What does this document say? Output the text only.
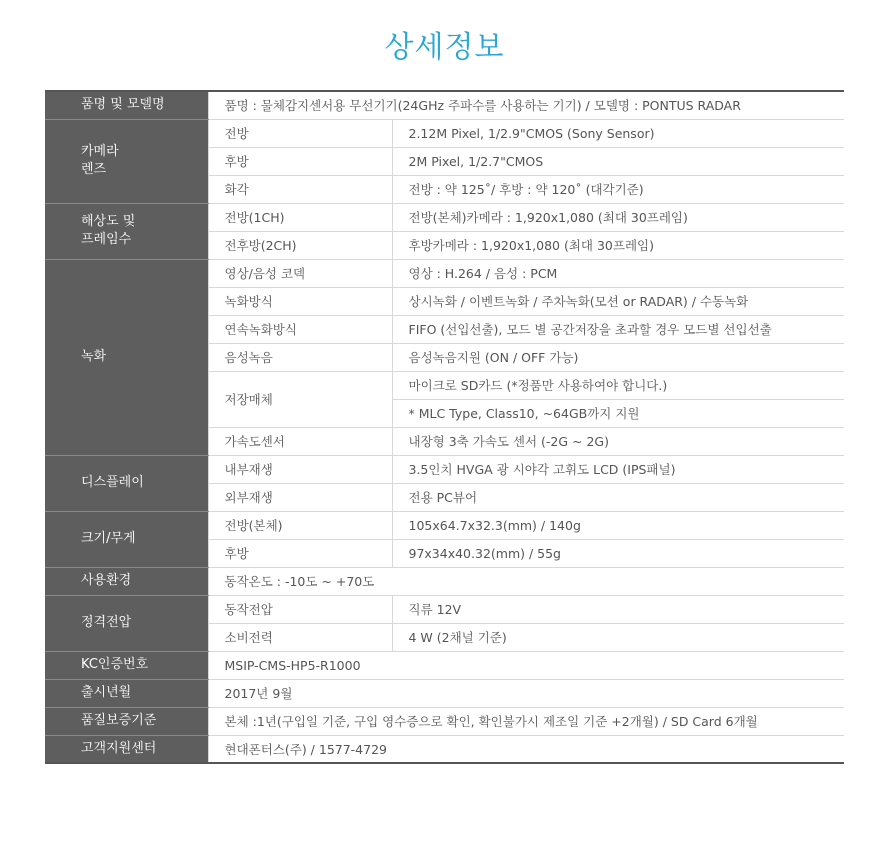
상세정보
품명 및 모델명	품명 : 물체감지센서용 무선기기(24GHz 주파수를 사용하는 기기) / 모델명 : PONTUS RADAR	

카메라
렌즈	전방	2.12M Pixel, 1/2.9"CMOS (Sony Sensor)
	후방	2M Pixel, 1/2.7"CMOS
	화각	전방 : 약 125˚/ 후방 : 약 120˚ (대각기준)

해상도 및
프레임수	전방(1CH)	전방(본체)카메라 : 1,920x1,080 (최대 30프레임)
	전후방(2CH)	후방카메라 : 1,920x1,080 (최대 30프레임)
녹화	영상/음성 코덱	영상 : H.264 / 음성 : PCM
	녹화방식	상시녹화 / 이벤트녹화 / 주차녹화(모션 or RADAR) / 수동녹화
	연속녹화방식	FIFO (선입선출), 모드 별 공간저장을 초과할 경우 모드별 선입선출
	음성녹음	음성녹음지원 (ON / OFF 가능)
	저장매체	마이크로 SD카드 (*정품만 사용하여야 합니다.)
		* MLC Type, Class10, ~64GB까지 지원
	가속도센서	내장형 3축 가속도 센서 (-2G ~ 2G)
디스플레이	내부재생	3.5인치 HVGA 광 시야각 고휘도 LCD (IPS패널)
	외부재생	전용 PC뷰어
크기/무게	전방(본체)	105x64.7x32.3(mm) / 140g
	후방	97x34x40.32(mm) / 55g
사용환경	동작온도 : -10도 ~ +70도	
정격전압	동작전압	직류 12V
	소비전력	4 W (2채널 기준)
KC인증번호	MSIP-CMS-HP5-R1000	
출시년월	2017년 9월	
품질보증기준	본체 :1년(구입일 기준, 구입 영수증으로 확인, 확인불가시 제조일 기준 +2개월) / SD Card 6개월	
고객지원센터	현대폰터스(주) / 1577-4729	
